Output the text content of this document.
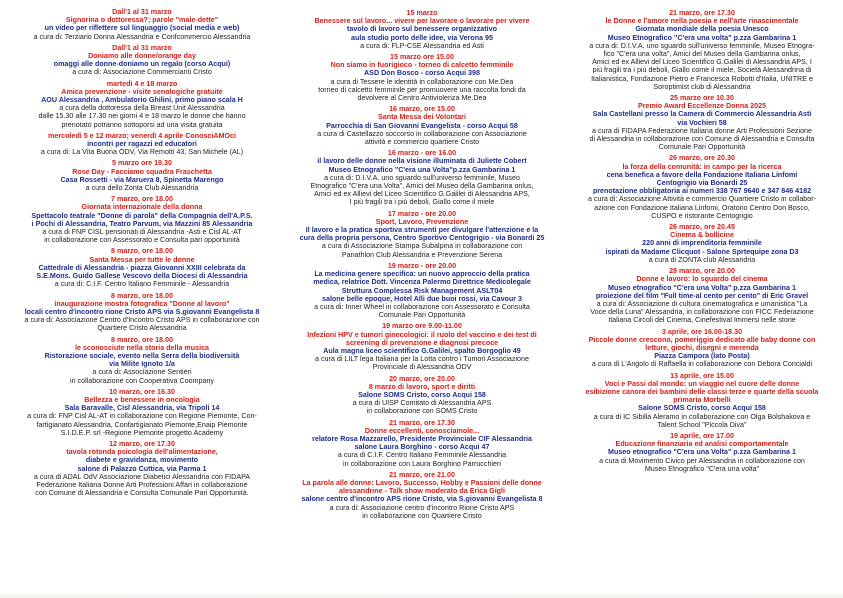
Dall'1 al 31 marzo
Signorina o dottoressa?; parole "male-dette"
un video per riflettere sul linguaggio (social media e web)
a cura di: Terziario Donna Alessandria e Confcommercio Alessandria
Dall'1 al 31 marzo
Doniamo alle donne/orange day
omaggi alle donne-doniamo un regalo (corso Acqui)
a cura di: Associazione Commercianti Cristo
martedì 4 e 18 marzo
Amica prevenzione - visite senologiche gratuite
AOU Alessandria , Ambulatorio Ghilini, primo piano scala H
a cura della dottoressa della Breast Unit Alessandria
dalle 15.30 alle 17.30 nei giorni 4 e 18 marzo le donne che hanno
prenotato potranno sottoporsi ad una visita gratuita
mercoledì 5 e 12 marzo; venerdì 4 aprile ConosciAMOci
incontri per ragazzi ed educatori
a cura di: La Vita Buona ODV, Via Remotti 43, San Michele (AL)
5 marzo ore 19.30
Rose Day - Facciamo squadra Fraschetta
Casa Rossetti - via Maruera 8, Spinetta Marengo
a cura dello Zonta Club Alessandria
7 marzo, ore 18.00
Giornata internazionale della donna
Spettacolo teatrale "Donne di parola" della Compagnia dell'A.P.S.
i Pochi di Alessandria, Teatro Parvum, via Mazzini 85 Alessandria
a cura di FNP CISL pensionati di Alessandria -Asti e Cisl AL-AT
in collaborazione con Assessorato e Consulta pari opportunità
8 marzo, ore 18.00
Santa Messa per tutte le donne
Cattedrale di Alessandria - piazza Giovanni XXIII celebrata da
S.E.Mons. Guido Gallese Vescovo della Diocesi di Alessandria
a cura di: C.I.F. Centro Italiano Femminile - Alessandria
8 marzo, ore 18.00
inaugurazione mostra fotografica "Donne al lavoro"
locali centro d'incontro rione Cristo APS via S.giovanni Evangelista 8
a cura di: Associazione Centro d'Incontro Cristo APS in collaborazione con
Quartiere Cristo Alessandria
8 marzo, ore 18.00
le sconosciute nella storia della musica
Ristorazione sociale, evento nella Serra della biodiversità
via Milite Ignoto 1/a
a cura di: Associazione Sentieri
in collaborazione con Cooperativa Coompany
10 marzo, ore 16.30
Bellezza e benessere in oncologia
Sala Baravalle, Cisl Alessandria, via Tripoli 14
a cura di: FNP Cisl AL-AT in collaborazione con Regione Piemonte, Con-
fartigianato Alessandria, Confartigianato Piemonte,Enaip Piemonte
S.I.D.E.P. srl -Regione Piemonte progetto Academy
12 marzo, ore 17.30
tavola rotonda psicologia dell'alimentazione,
diabete e gravidanza, movimento
salone di Palazzo Cuttica, via Parma 1
a cura di ADAL OdV Associazione Diabetici Alessandria con FIDAPA
Federazione Italiana Donne Arti Professioni Affari in collaborazione
con Comune di Alessandria e Consulta Comunale Pari Opportunità.
15 marzo
Benessere sul lavoro... vivere per lavorare o lavorare per vivere
tavolo di lavoro sul benessere organizzativo
aula studio porto delle idee, via Verona 95
a cura di: FLP-CSE Alessandria ed Asti
15 marzo ore 15.00
Non siamo in fuorigioco - torneo di calcetto femminile
ASD Don Bosco - corso Acqui 398
a cura di Tessere le identità in collaborazione con Me.Dea
torneo di calcetto femminile per promuovere una raccolta fondi da
devolvere al Centro Antiviolenza Me.Dea
16 marzo, ore 15.00
Santa Messa dei Volontari
Parrocchia di San Giovanni Evangelista - corso Acqui 58
a cura di Castellazzo soccorso in collaborazione con Associazione
attività e commercio quartiere Cristo
16 marzo - ore 16.00
il lavoro delle donne nella visione illuminata di Juliette Cobert
Museo Etnografico "C'era una Volta"p.zza Gambarina 1
a cura di: D.I.V.A. uno sguardo sull'universo femminile, Museo
Etnografico "C'era una Volta", Amici del Museo della Gambarina onlus,
Amici ed ex Allievi del Liceo Scientifico G.Galilei di Alessandria APS,
I più fragili tra i più deboli, Giallo come il miele
17 marzo - ore 20.00
Sport, Lavoro, Prevenzione
Il lavoro e la pratica sportiva strumenti per divulgare l'attenzione e la
cura della propria persona, Centro Sportivo Centogrigio - via Bonardi 25
a cura di Associazione Stampa Subalpina in collaborazione con
Panathlon Club Alessandria e Prevenzione Serena
19 marzo - ore 20.00
La medicina genere specifica: un nuovo approccio della pratica
medica, relatrice Dott. Vincenza Palermo Direttrice Medicolegale
Struttura Complessa Risk Management ASLT04
salone belle epoque, Hotel Alli due buoi rossi, via Cavour 3
a cura di: Inner Wheel in collaborazione con Assessorato e Consulta
Comunale Pari Opportunità
19 marzo ore 9.00-11.00
Infezioni HPV e tumori ginecologici: il ruolo del vaccino e dei test di
screening di prevenzione e diagnosi precoce
Aula magna liceo scientifico G.Galilei, spalto Borgoglio 49
a cura di LILT lega Italiana per la Lotta contro i Tumori Associazione
Provinciale di Alessandria ODV
20 marzo, ore 20.00
8 marzo di lavoro, sport e diritti
Salone SOMS Cristo, corso Acqui 158
a cura di UISP Comitato di Alessandria APS
in collaborazione con SOMS Cristo
21 marzo, ore 17.30
Donne eccellenti, conosciamole...
relatore Rosa Mazzarello, Presidente Provinciale CIF Alessandria
salone Laura Borghino - corso Acqui 47
a cura di C.I.F. Centro Italiano Femminile Alessandria
in collaborazione con Laura Borghino Parrucchieri
21 marzo, ore 21.00
La parola alle donne: Lavoro, Successo, Hobby e Passioni delle donne
alessandrine - Talk show moderato da Erica Gigli
salone centro d'incontro APS rione Cristo, via S.giovanni Evangelista 8
a cura di: Associazione centro d'incontro Rione Cristo APS
in collaborazione con Quartiere Cristo
21 marzo, ore 17.30
le Donne e l'amore nella poesia e nell'arte rinascimentale
Giornata mondiale della poesia Unesco
Museo Etnografico "C'era una volta" p.zza Gambarina 1
a cura di: D.I.V.A. uno sguardo sull'universo femminile, Museo Etnogra-
fico "C'era una volta", Amici del Museo della Gambarina onlus,
Amici ed ex Allievi del Liceo Scientifico G.Galilei di Alessandria APS, I
più fragili tra i più deboli, Giallo come il miele, Società Alessandrina di
Italianistica, Fondazione Pietro e Francesca Robotti d'Italia, UNITRE e
Soroptimist club di Alessandria
25 marzo ore 10.30
Premio Award Eccellenze Donna 2025
Sala Castellani presso la Camera di Commercio Alessandria Asti
via Vochieri 58
a cura di FIDAPA Federazione Italiana donne Arti Professioni Sezione
di Alessandria in collaborazione con Comune di Alessandria e Consulta
Comunale Pari Opportunità
26 marzo, ore 20.30
la forza della comunità: in campo per la ricerca
cena benefica a favore della Fondazione Italiana Linfomi
Centogrigio via Bonardi 25
prenotazione obbligatoria ai numeri 338 767 9640 e 347 846 4182
a cura di: Associazione Attività e commercio Quartiere Cristo in collabor-
azione con Fondazione Italiana Linfomi, Oratorio Centro Don Bosco,
CUSPO e ristorante Centogrigio
26 marzo, ore 20.45
Cinema & bollicine
220 anni di imprenditoria femminile
ispirati da Madame Clicquot - Salone Sprtequipe zona D3
a cura di ZONTA club Alessandria
28 marzo, ore 20.00
Donne e lavoro: lo sguardo del cinema
Museo etnografico "C'era una Volta" p.zza Gambarina 1
proiezione del film "Full time-al cento per cento" di Eric Gravel
a cura di: Associazione di cultura cinematografica e umanistica "La
Voce della Luna" Alessandria, in collaborazione con FICC Federazione
Italiana Circoli del Cinema, Cinefestival Immersi nelle storie
3 aprile, ore 16.00-18.30
Piccole donne crescono, pomeriggio dedicato alle baby donne con
letture, giochi, disegni e merenda
Piazza Campora (lato Posta)
a cura di L'Angolo di Raffaella in collaborazione con Debora Concialdi
13 aprile, ore 15.00
Voci e Passi dal mondo: un viaggio nel cuore delle donne
esibizione canora dei bambini delle classi terze e quarte della scuola
primaria Morbelli
Salone SOMS Cristo, corso Acqui 158
a cura di IC Sibilla Aleramo in collaborazione con Olga Bolshakova e
Talent School "Piccola Diva"
19 aprile, ore 17.00
Educazione finanziaria ed analisi comportamentale
Museo etnografico "C'era una Volta" p.zza Gambarina 1
a cura di Movimento Civico per Alessandria in collaborazione con
Museo Etnografico "C'era una volta"
